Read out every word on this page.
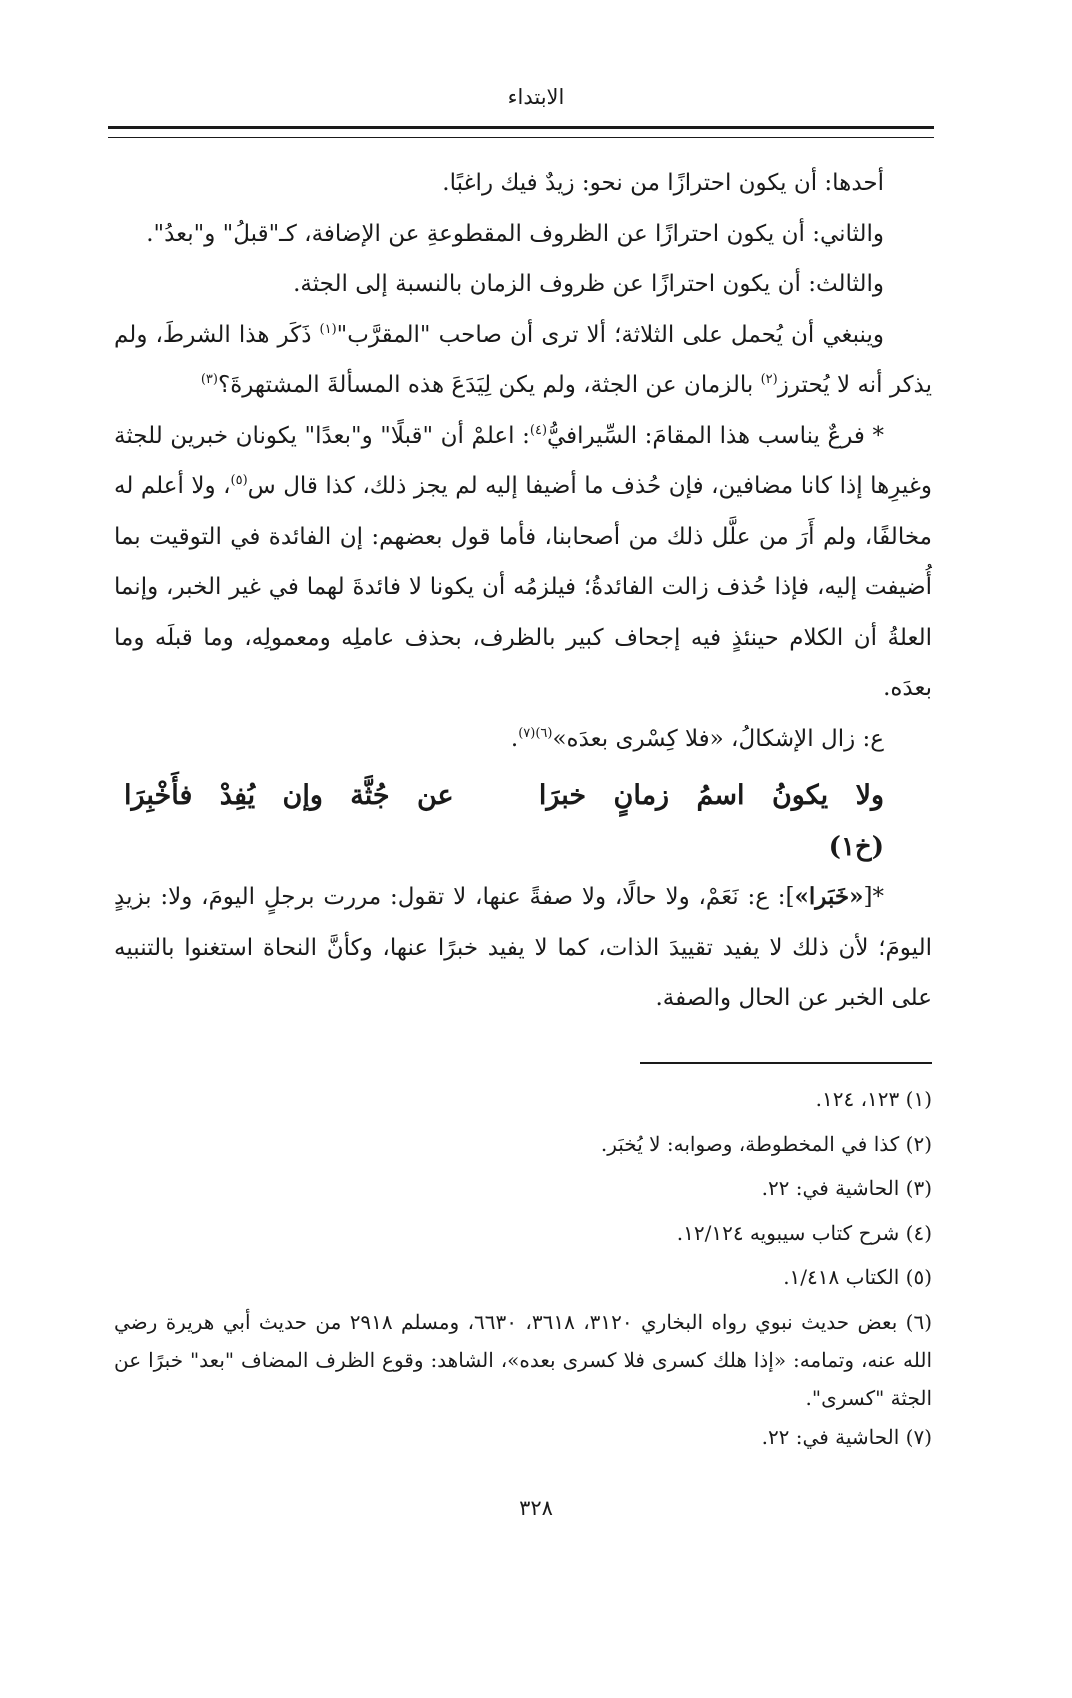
الابتداء

أحدها: أن يكون احترازًا من نحو: زيدٌ فيك راغبًا.

والثاني: أن يكون احترازًا عن الظروف المقطوعةِ عن الإضافة، كـ"قبلُ" و"بعدُ".

والثالث: أن يكون احترازًا عن ظروف الزمان بالنسبة إلى الجثة.

وينبغي أن يُحمل على الثلاثة؛ ألا ترى أن صاحب "المقرَّب"$^{(١)}$ ذَكَر هذا الشرطَ، ولم يذكر أنه لا يُحترز$^{(٢)}$ بالزمان عن الجثة، ولم يكن لِيَدَعَ هذه المسألةَ المشتهرةَ؟$^{(٣)}$

* فرعٌ يناسب هذا المقامَ: السِّيرافيُّ$^{(٤)}$: اعلمْ أن "قبلًا" و"بعدًا" يكونان خبرين للجثة وغيرِها إذا كانا مضافين، فإن حُذف ما أضيفا إليه لم يجز ذلك، كذا قال س$^{(٥)}$، ولا أعلم له مخالفًا، ولم أَرَ من علَّل ذلك من أصحابنا، فأما قول بعضهم: إن الفائدة في التوقيت بما أُضيفت إليه، فإذا حُذف زالت الفائدةُ؛ فيلزمُه أن يكونا لا فائدةَ لهما في غير الخبر، وإنما العلةُ أن الكلام حينئذٍ فيه إجحاف كبير بالظرف، بحذف عاملِه ومعمولِه، وما قبلَه وما بعدَه.

ع: زال الإشكالُ، «فلا كِسْرى بعدَه»$^{(٦)(٧)}$.

ولا يكونُ اسمُ زمانٍ خبرَا
عن جُثَّة وإن يُفِدْ فأَخْبِرَا
(خ١)

*[«خَبَرا»]: ع: نَعَمْ، ولا حالًا، ولا صفةً عنها، لا تقول: مررت برجلٍ اليومَ، ولا: بزيدٍ اليومَ؛ لأن ذلك لا يفيد تقييدَ الذات، كما لا يفيد خبرًا عنها، وكأنَّ النحاة استغنوا بالتنبيه على الخبر عن الحال والصفة.

(١) ١٢٣، ١٢٤.

(٢) كذا في المخطوطة، وصوابه: لا يُخبَر.

(٣) الحاشية في: ٢٢.

(٤) شرح كتاب سيبويه ١٢/١٢٤.

(٥) الكتاب ١/٤١٨.

(٦) بعض حديث نبوي رواه البخاري ٣١٢٠، ٣٦١٨، ٦٦٣٠، ومسلم ٢٩١٨ من حديث أبي هريرة رضي الله عنه، وتمامه: «إذا هلك كسرى فلا كسرى بعده»، الشاهد: وقوع الظرف المضاف "بعد" خبرًا عن الجثة "كسرى".

(٧) الحاشية في: ٢٢.

٣٢٨
